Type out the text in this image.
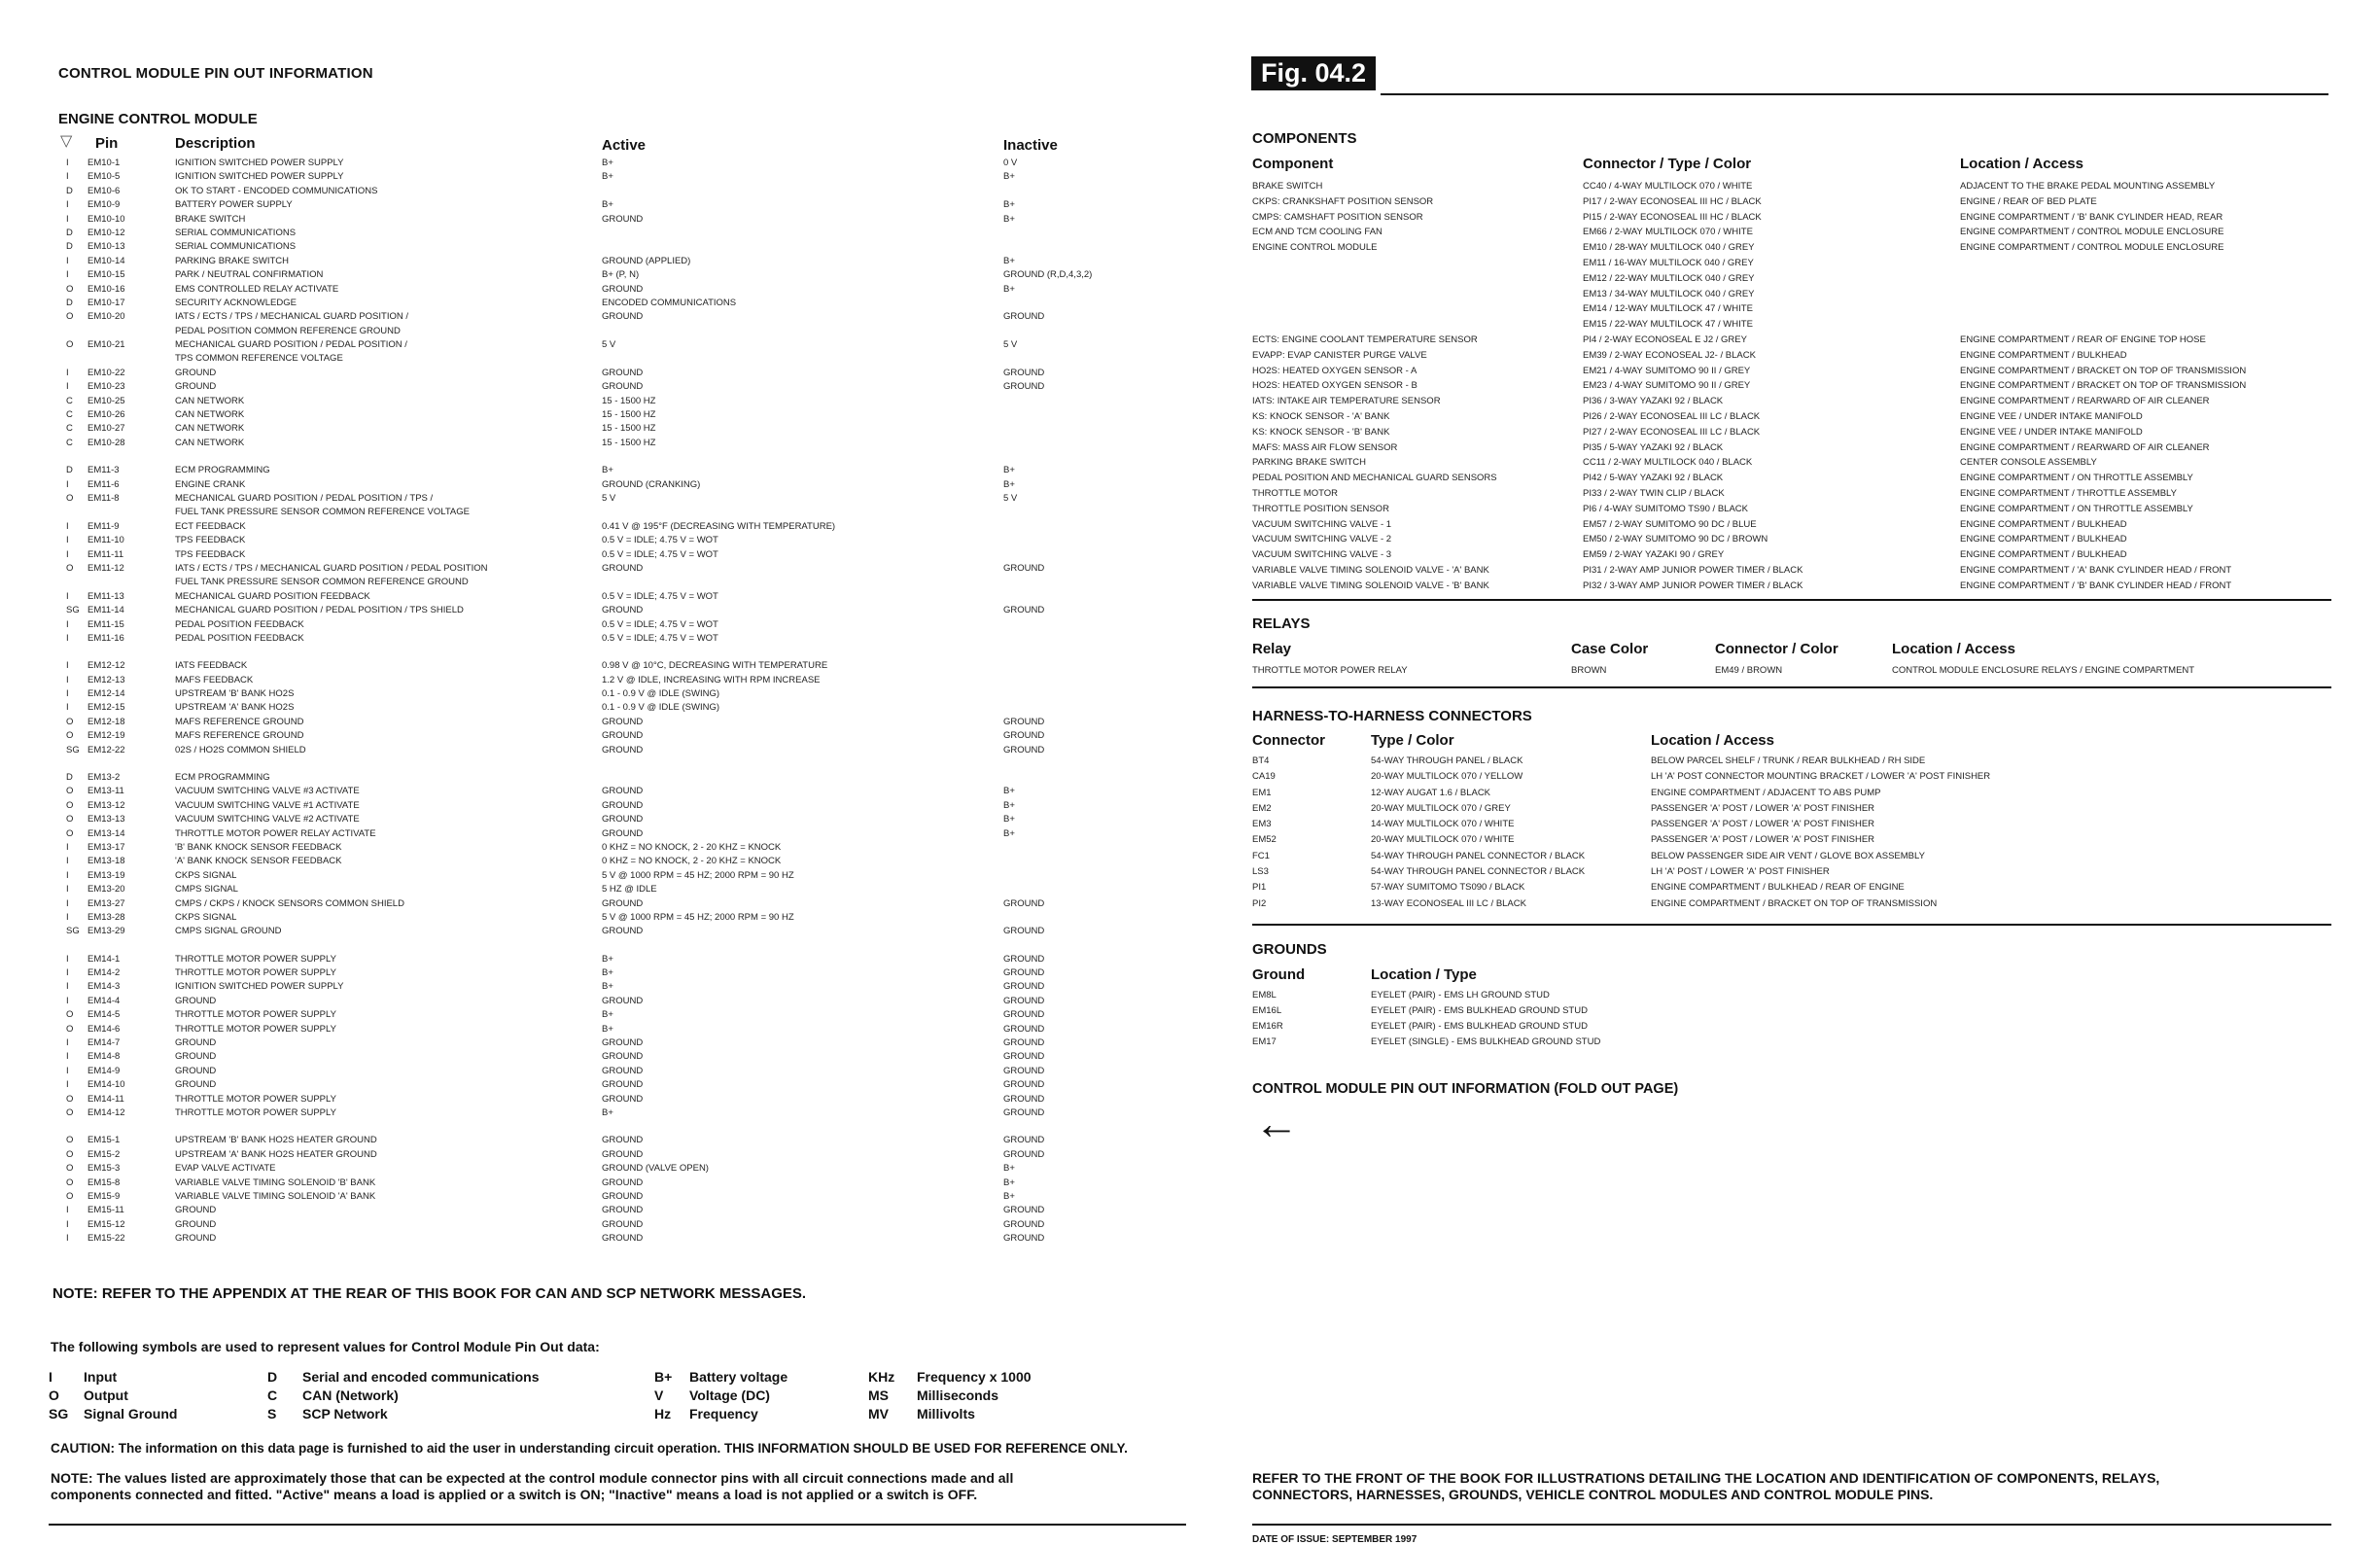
CONTROL MODULE PIN OUT INFORMATION
ENGINE CONTROL MODULE
▽ Pin	Description	Active	Inactive
I EM10-1	IGNITION SWITCHED POWER SUPPLY	B+	0 V
I EM10-5	IGNITION SWITCHED POWER SUPPLY	B+	B+
D EM10-6	OK TO START - ENCODED COMMUNICATIONS
I EM10-9	BATTERY POWER SUPPLY	B+	B+
I EM10-10	BRAKE SWITCH	GROUND	B+
D EM10-12	SERIAL COMMUNICATIONS
D EM10-13	SERIAL COMMUNICATIONS
I EM10-14	PARKING BRAKE SWITCH	GROUND (APPLIED)	B+
I EM10-15	PARK / NEUTRAL CONFIRMATION	B+ (P, N)	GROUND (R,D,4,3,2)
O EM10-16	EMS CONTROLLED RELAY ACTIVATE	GROUND	B+
D EM10-17	SECURITY ACKNOWLEDGE	ENCODED COMMUNICATIONS
O EM10-20	IATS / ECTS / TPS / MECHANICAL GUARD POSITION /	GROUND	GROUND
PEDAL POSITION COMMON REFERENCE GROUND
O EM10-21	MECHANICAL GUARD POSITION / PEDAL POSITION /	5 V	5 V
TPS COMMON REFERENCE VOLTAGE
I EM10-22	GROUND	GROUND	GROUND
I EM10-23	GROUND	GROUND	GROUND
C EM10-25	CAN NETWORK	15 - 1500 HZ
C EM10-26	CAN NETWORK	15 - 1500 HZ
C EM10-27	CAN NETWORK	15 - 1500 HZ
C EM10-28	CAN NETWORK	15 - 1500 HZ
D EM11-3	ECM PROGRAMMING	B+	B+
I EM11-6	ENGINE CRANK	GROUND (CRANKING)	B+
O EM11-8	MECHANICAL GUARD POSITION / PEDAL POSITION / TPS /	5 V	5 V
FUEL TANK PRESSURE SENSOR COMMON REFERENCE VOLTAGE
I EM11-9	ECT FEEDBACK	0.41 V @ 195°F (DECREASING WITH TEMPERATURE)
I EM11-10	TPS FEEDBACK	0.5 V = IDLE; 4.75 V = WOT
I EM11-11	TPS FEEDBACK	0.5 V = IDLE; 4.75 V = WOT
O EM11-12	IATS / ECTS / TPS / MECHANICAL GUARD POSITION / PEDAL POSITION	GROUND	GROUND
FUEL TANK PRESSURE SENSOR COMMON REFERENCE GROUND
I EM11-13	MECHANICAL GUARD POSITION FEEDBACK	0.5 V = IDLE; 4.75 V = WOT
SG EM11-14	MECHANICAL GUARD POSITION / PEDAL POSITION / TPS SHIELD	GROUND	GROUND
I EM11-15	PEDAL POSITION FEEDBACK	0.5 V = IDLE; 4.75 V = WOT
I EM11-16	PEDAL POSITION FEEDBACK	0.5 V = IDLE; 4.75 V = WOT
I EM12-12	IATS FEEDBACK	0.98 V @ 10°C, DECREASING WITH TEMPERATURE
I EM12-13	MAFS FEEDBACK	1.2 V @ IDLE, INCREASING WITH RPM INCREASE
I EM12-14	UPSTREAM 'B' BANK HO2S	0.1 - 0.9 V @ IDLE (SWING)
I EM12-15	UPSTREAM 'A' BANK HO2S	0.1 - 0.9 V @ IDLE (SWING)
O EM12-18	MAFS REFERENCE GROUND	GROUND	GROUND
O EM12-19	MAFS REFERENCE GROUND	GROUND	GROUND
SG EM12-22	02S / HO2S COMMON SHIELD	GROUND	GROUND
D EM13-2	ECM PROGRAMMING
O EM13-11	VACUUM SWITCHING VALVE #3 ACTIVATE	GROUND	B+
O EM13-12	VACUUM SWITCHING VALVE #1 ACTIVATE	GROUND	B+
O EM13-13	VACUUM SWITCHING VALVE #2 ACTIVATE	GROUND	B+
O EM13-14	THROTTLE MOTOR POWER RELAY ACTIVATE	GROUND	B+
I EM13-17	'B' BANK KNOCK SENSOR FEEDBACK	0 KHZ = NO KNOCK, 2 - 20 KHZ = KNOCK
I EM13-18	'A' BANK KNOCK SENSOR FEEDBACK	0 KHZ = NO KNOCK, 2 - 20 KHZ = KNOCK
I EM13-19	CKPS SIGNAL	5 V @ 1000 RPM = 45 HZ; 2000 RPM = 90 HZ
I EM13-20	CMPS SIGNAL	5 HZ @ IDLE
I EM13-27	CMPS / CKPS / KNOCK SENSORS COMMON SHIELD	GROUND	GROUND
I EM13-28	CKPS SIGNAL	5 V @ 1000 RPM = 45 HZ; 2000 RPM = 90 HZ
SG EM13-29	CMPS SIGNAL GROUND	GROUND	GROUND
I EM14-1	THROTTLE MOTOR POWER SUPPLY	B+	GROUND
I EM14-2	THROTTLE MOTOR POWER SUPPLY	B+	GROUND
I EM14-3	IGNITION SWITCHED POWER SUPPLY	B+	GROUND
I EM14-4	GROUND	GROUND	GROUND
O EM14-5	THROTTLE MOTOR POWER SUPPLY	B+	GROUND
O EM14-6	THROTTLE MOTOR POWER SUPPLY	B+	GROUND
I EM14-7	GROUND	GROUND	GROUND
I EM14-8	GROUND	GROUND	GROUND
I EM14-9	GROUND	GROUND	GROUND
I EM14-10	GROUND	GROUND	GROUND
O EM14-11	THROTTLE MOTOR POWER SUPPLY	GROUND	GROUND
O EM14-12	THROTTLE MOTOR POWER SUPPLY	B+	GROUND
O EM15-1	UPSTREAM 'B' BANK HO2S HEATER GROUND	GROUND	GROUND
O EM15-2	UPSTREAM 'A' BANK HO2S HEATER GROUND	GROUND	GROUND
O EM15-3	EVAP VALVE ACTIVATE	GROUND (VALVE OPEN)	B+
O EM15-8	VARIABLE VALVE TIMING SOLENOID 'B' BANK	GROUND	B+
O EM15-9	VARIABLE VALVE TIMING SOLENOID 'A' BANK	GROUND	B+
I EM15-11	GROUND	GROUND	GROUND
I EM15-12	GROUND	GROUND	GROUND
I EM15-22	GROUND	GROUND	GROUND
NOTE: REFER TO THE APPENDIX AT THE REAR OF THIS BOOK FOR CAN AND SCP NETWORK MESSAGES.
The following symbols are used to represent values for Control Module Pin Out data:
I Input
O Output
SG Signal Ground
D Serial and encoded communications
C CAN (Network)
S SCP Network
B+ Battery voltage
V Voltage (DC)
Hz Frequency
KHz Frequency x 1000
MS Milliseconds
MV Millivolts
CAUTION: The information on this data page is furnished to aid the user in understanding circuit operation. THIS INFORMATION SHOULD BE USED FOR REFERENCE ONLY.
NOTE: The values listed are approximately those that can be expected at the control module connector pins with all circuit connections made and all
components connected and fitted. "Active" means a load is applied or a switch is ON; "Inactive" means a load is not applied or a switch is OFF.
Fig. 04.2
COMPONENTS
Component	Connector / Type / Color	Location / Access
BRAKE SWITCH	CC40 / 4-WAY MULTILOCK 070 / WHITE	ADJACENT TO THE BRAKE PEDAL MOUNTING ASSEMBLY
CKPS: CRANKSHAFT POSITION SENSOR	PI17 / 2-WAY ECONOSEAL III HC / BLACK	ENGINE / REAR OF BED PLATE
CMPS: CAMSHAFT POSITION SENSOR	PI15 / 2-WAY ECONOSEAL III HC / BLACK	ENGINE COMPARTMENT / 'B' BANK CYLINDER HEAD, REAR
ECM AND TCM COOLING FAN	EM66 / 2-WAY MULTILOCK 070 / WHITE	ENGINE COMPARTMENT / CONTROL MODULE ENCLOSURE
ENGINE CONTROL MODULE	EM10 / 28-WAY MULTILOCK 040 / GREY	ENGINE COMPARTMENT / CONTROL MODULE ENCLOSURE
EM11 / 16-WAY MULTILOCK 040 / GREY
EM12 / 22-WAY MULTILOCK 040 / GREY
EM13 / 34-WAY MULTILOCK 040 / GREY
EM14 / 12-WAY MULTILOCK 47 / WHITE
EM15 / 22-WAY MULTILOCK 47 / WHITE
ECTS: ENGINE COOLANT TEMPERATURE SENSOR	PI4 / 2-WAY ECONOSEAL E J2 / GREY	ENGINE COMPARTMENT / REAR OF ENGINE TOP HOSE
EVAPP: EVAP CANISTER PURGE VALVE	EM39 / 2-WAY ECONOSEAL J2- / BLACK	ENGINE COMPARTMENT / BULKHEAD
HO2S: HEATED OXYGEN SENSOR - A	EM21 / 4-WAY SUMITOMO 90 II / GREY	ENGINE COMPARTMENT / BRACKET ON TOP OF TRANSMISSION
HO2S: HEATED OXYGEN SENSOR - B	EM23 / 4-WAY SUMITOMO 90 II / GREY	ENGINE COMPARTMENT / BRACKET ON TOP OF TRANSMISSION
IATS: INTAKE AIR TEMPERATURE SENSOR	PI36 / 3-WAY YAZAKI 92 / BLACK	ENGINE COMPARTMENT / REARWARD OF AIR CLEANER
KS: KNOCK SENSOR - 'A' BANK	PI26 / 2-WAY ECONOSEAL III LC / BLACK	ENGINE VEE / UNDER INTAKE MANIFOLD
KS: KNOCK SENSOR - 'B' BANK	PI27 / 2-WAY ECONOSEAL III LC / BLACK	ENGINE VEE / UNDER INTAKE MANIFOLD
MAFS: MASS AIR FLOW SENSOR	PI35 / 5-WAY YAZAKI 92 / BLACK	ENGINE COMPARTMENT / REARWARD OF AIR CLEANER
PARKING BRAKE SWITCH	CC11 / 2-WAY MULTILOCK 040 / BLACK	CENTER CONSOLE ASSEMBLY
PEDAL POSITION AND MECHANICAL GUARD SENSORS	PI42 / 5-WAY YAZAKI 92 / BLACK	ENGINE COMPARTMENT / ON THROTTLE ASSEMBLY
THROTTLE MOTOR	PI33 / 2-WAY TWIN CLIP / BLACK	ENGINE COMPARTMENT / THROTTLE ASSEMBLY
THROTTLE POSITION SENSOR	PI6 / 4-WAY SUMITOMO TS90 / BLACK	ENGINE COMPARTMENT / ON THROTTLE ASSEMBLY
VACUUM SWITCHING VALVE - 1	EM57 / 2-WAY SUMITOMO 90 DC / BLUE	ENGINE COMPARTMENT / BULKHEAD
VACUUM SWITCHING VALVE - 2	EM50 / 2-WAY SUMITOMO 90 DC / BROWN	ENGINE COMPARTMENT / BULKHEAD
VACUUM SWITCHING VALVE - 3	EM59 / 2-WAY YAZAKI 90 / GREY	ENGINE COMPARTMENT / BULKHEAD
VARIABLE VALVE TIMING SOLENOID VALVE - 'A' BANK	PI31 / 2-WAY AMP JUNIOR POWER TIMER / BLACK	ENGINE COMPARTMENT / 'A' BANK CYLINDER HEAD / FRONT
VARIABLE VALVE TIMING SOLENOID VALVE - 'B' BANK	PI32 / 3-WAY AMP JUNIOR POWER TIMER / BLACK	ENGINE COMPARTMENT / 'B' BANK CYLINDER HEAD / FRONT
RELAYS
Relay	Case Color	Connector / Color	Location / Access
THROTTLE MOTOR POWER RELAY	BROWN	EM49 / BROWN	CONTROL MODULE ENCLOSURE RELAYS / ENGINE COMPARTMENT
HARNESS-TO-HARNESS CONNECTORS
Connector	Type / Color	Location / Access
BT4	54-WAY THROUGH PANEL / BLACK	BELOW PARCEL SHELF / TRUNK / REAR BULKHEAD / RH SIDE
CA19	20-WAY MULTILOCK 070 / YELLOW	LH 'A' POST CONNECTOR MOUNTING BRACKET / LOWER 'A' POST FINISHER
EM1	12-WAY AUGAT 1.6 / BLACK	ENGINE COMPARTMENT / ADJACENT TO ABS PUMP
EM2	20-WAY MULTILOCK 070 / GREY	PASSENGER 'A' POST / LOWER 'A' POST FINISHER
EM3	14-WAY MULTILOCK 070 / WHITE	PASSENGER 'A' POST / LOWER 'A' POST FINISHER
EM52	20-WAY MULTILOCK 070 / WHITE	PASSENGER 'A' POST / LOWER 'A' POST FINISHER
FC1	54-WAY THROUGH PANEL CONNECTOR / BLACK	BELOW PASSENGER SIDE AIR VENT / GLOVE BOX ASSEMBLY
LS3	54-WAY THROUGH PANEL CONNECTOR / BLACK	LH 'A' POST / LOWER 'A' POST FINISHER
PI1	57-WAY SUMITOMO TS090 / BLACK	ENGINE COMPARTMENT / BULKHEAD / REAR OF ENGINE
PI2	13-WAY ECONOSEAL III LC / BLACK	ENGINE COMPARTMENT / BRACKET ON TOP OF TRANSMISSION
GROUNDS
Ground	Location / Type
EM8L	EYELET (PAIR) - EMS LH GROUND STUD
EM16L	EYELET (PAIR) - EMS BULKHEAD GROUND STUD
EM16R	EYELET (PAIR) - EMS BULKHEAD GROUND STUD
EM17	EYELET (SINGLE) - EMS BULKHEAD GROUND STUD
CONTROL MODULE PIN OUT INFORMATION (FOLD OUT PAGE)
←
REFER TO THE FRONT OF THE BOOK FOR ILLUSTRATIONS DETAILING THE LOCATION AND IDENTIFICATION OF COMPONENTS, RELAYS,
CONNECTORS, HARNESSES, GROUNDS, VEHICLE CONTROL MODULES AND CONTROL MODULE PINS.
DATE OF ISSUE: SEPTEMBER 1997
